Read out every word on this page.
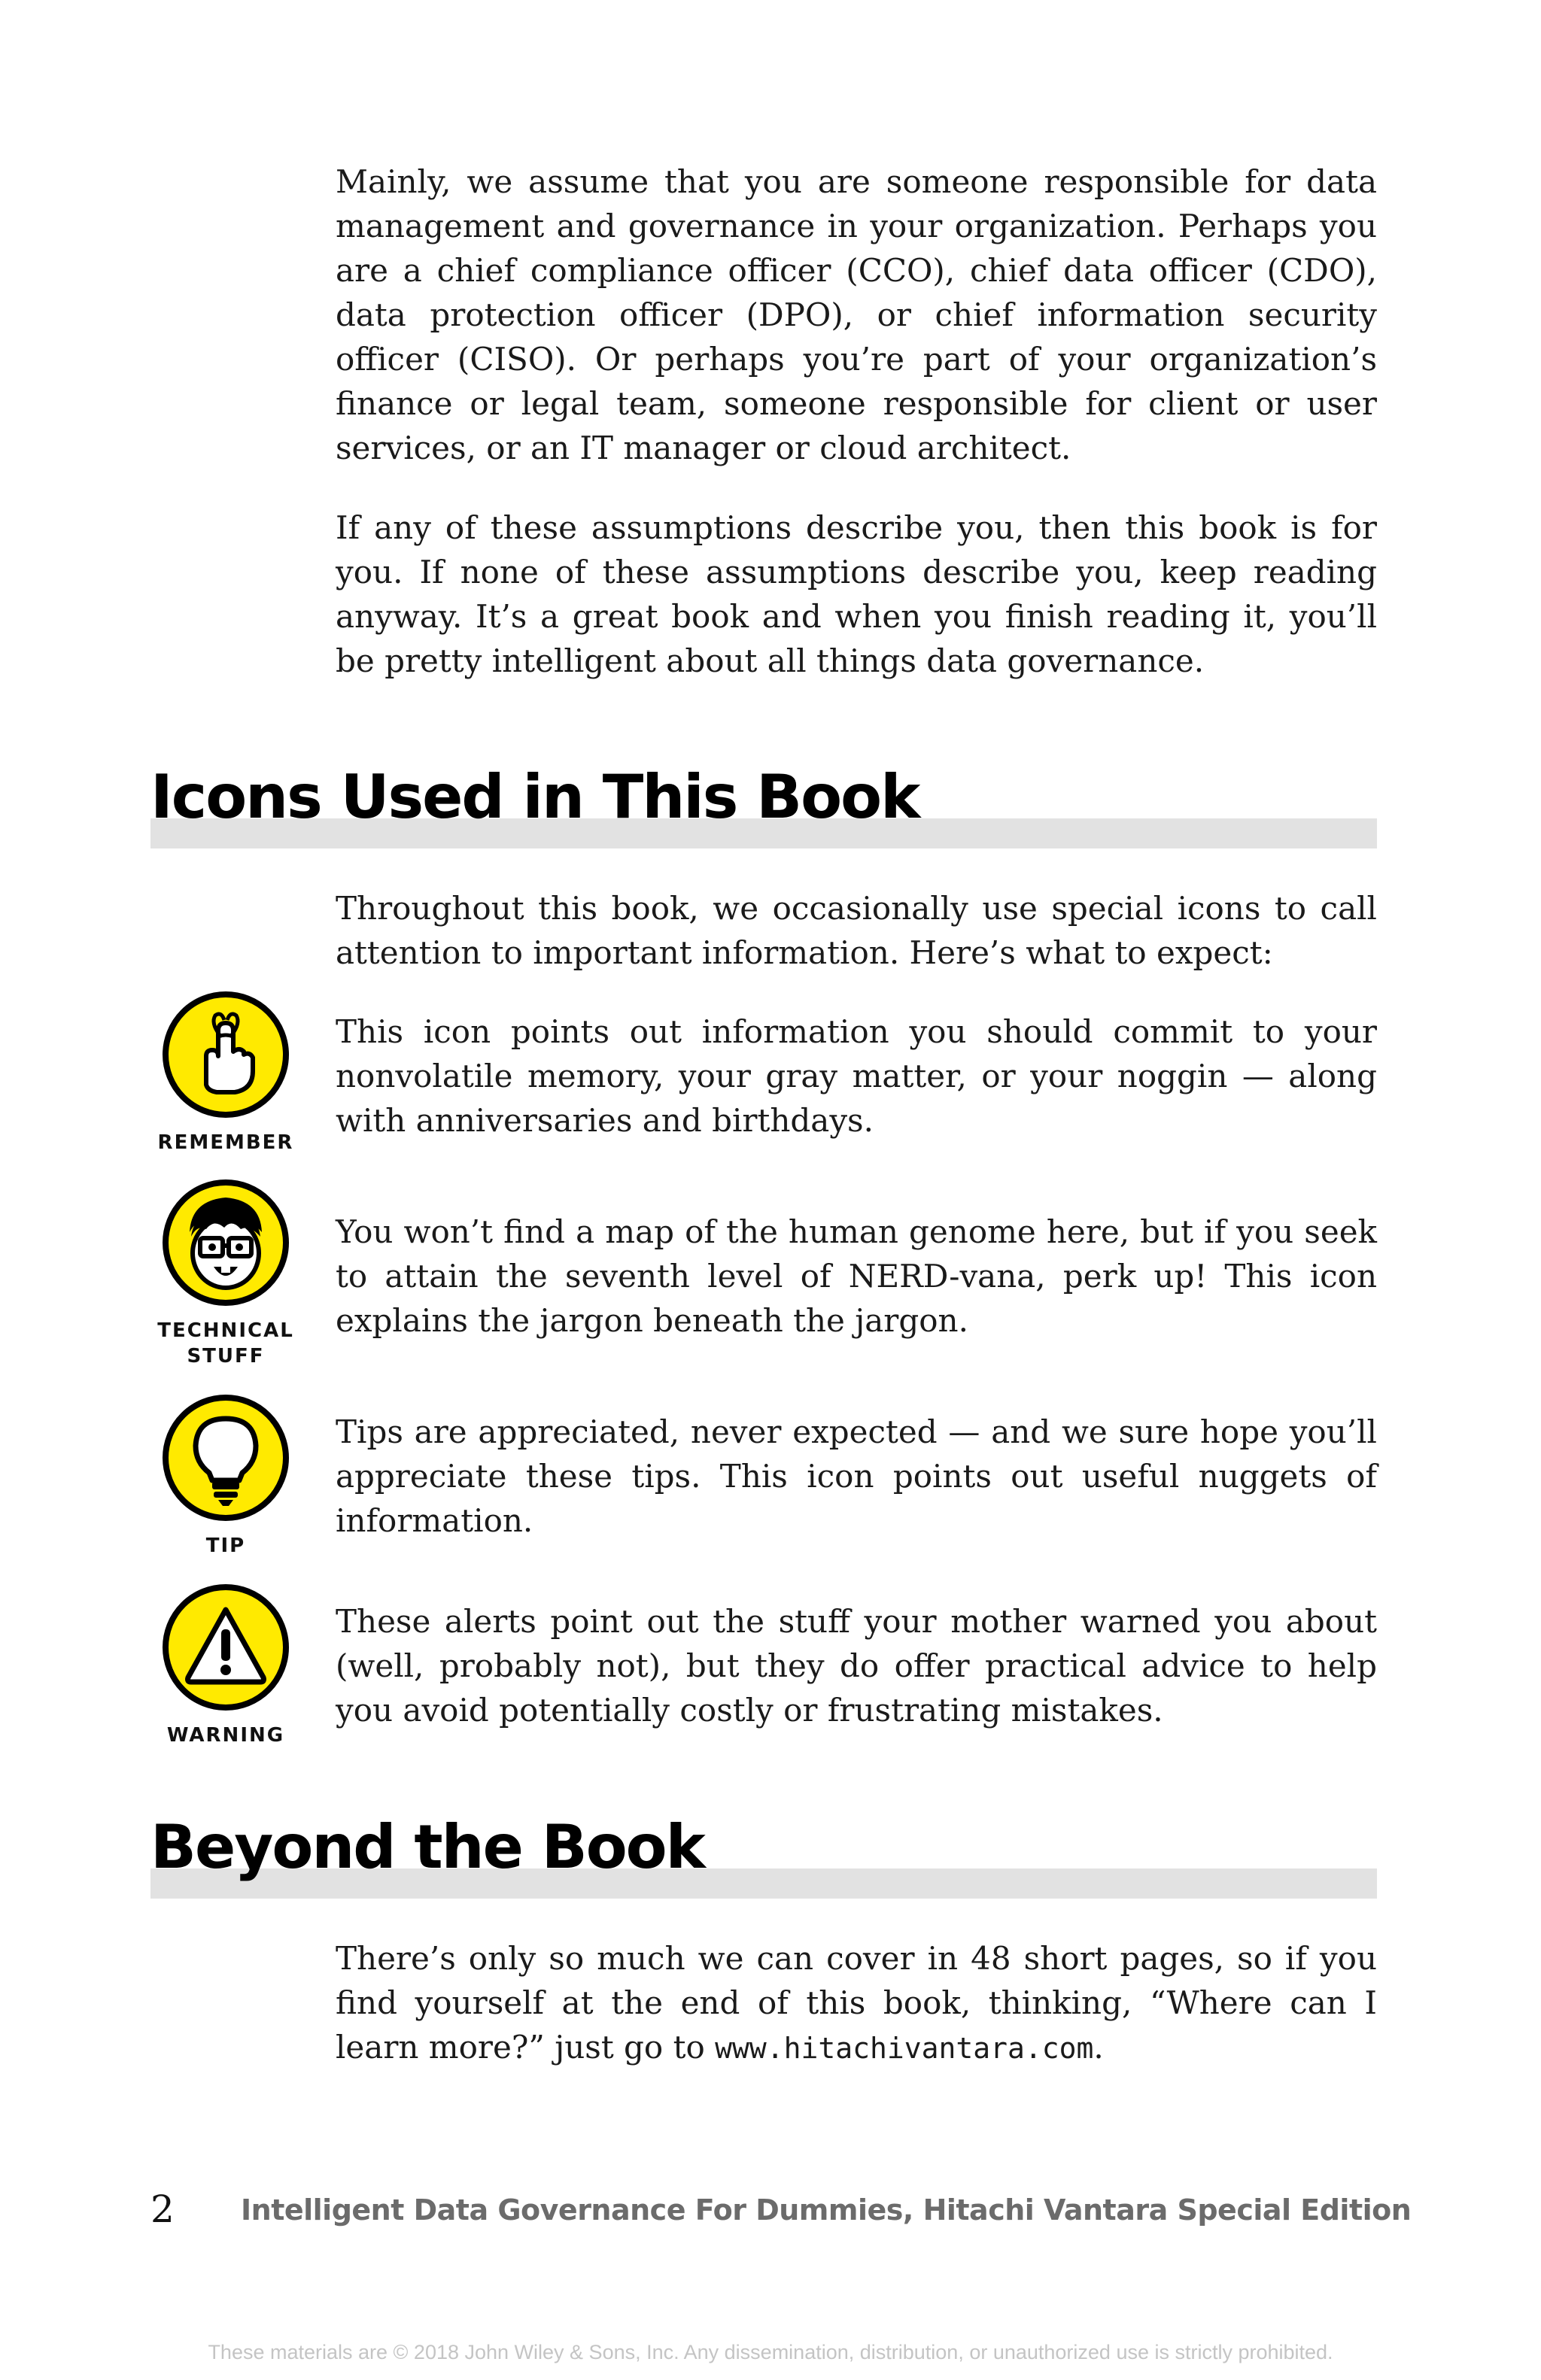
Mainly, we assume that you are someone responsible for data management and governance in your organization. Perhaps you are a chief compliance officer (CCO), chief data officer (CDO), data protection officer (DPO), or chief information security officer (CISO). Or perhaps you’re part of your organization’s finance or legal team, someone responsible for client or user services, or an IT manager or cloud architect.

If any of these assumptions describe you, then this book is for you. If none of these assumptions describe you, keep reading anyway. It’s a great book and when you finish reading it, you’ll be pretty intelligent about all things data governance.

Icons Used in This Book

Throughout this book, we occasionally use special icons to call attention to important information. Here’s what to expect:

REMEMBER

This icon points out information you should commit to your nonvolatile memory, your gray matter, or your noggin — along with anniversaries and birthdays.

TECHNICAL STUFF

You won’t find a map of the human genome here, but if you seek to attain the seventh level of NERD-vana, perk up! This icon explains the jargon beneath the jargon.

TIP

Tips are appreciated, never expected — and we sure hope you’ll appreciate these tips. This icon points out useful nuggets of information.

WARNING

These alerts point out the stuff your mother warned you about (well, probably not), but they do offer practical advice to help you avoid potentially costly or frustrating mistakes.

Beyond the Book

There’s only so much we can cover in 48 short pages, so if you find yourself at the end of this book, thinking, “Where can I learn more?” just go to www.hitachivantara.com.

2 Intelligent Data Governance For Dummies, Hitachi Vantara Special Edition
These materials are © 2018 John Wiley & Sons, Inc. Any dissemination, distribution, or unauthorized use is strictly prohibited.
